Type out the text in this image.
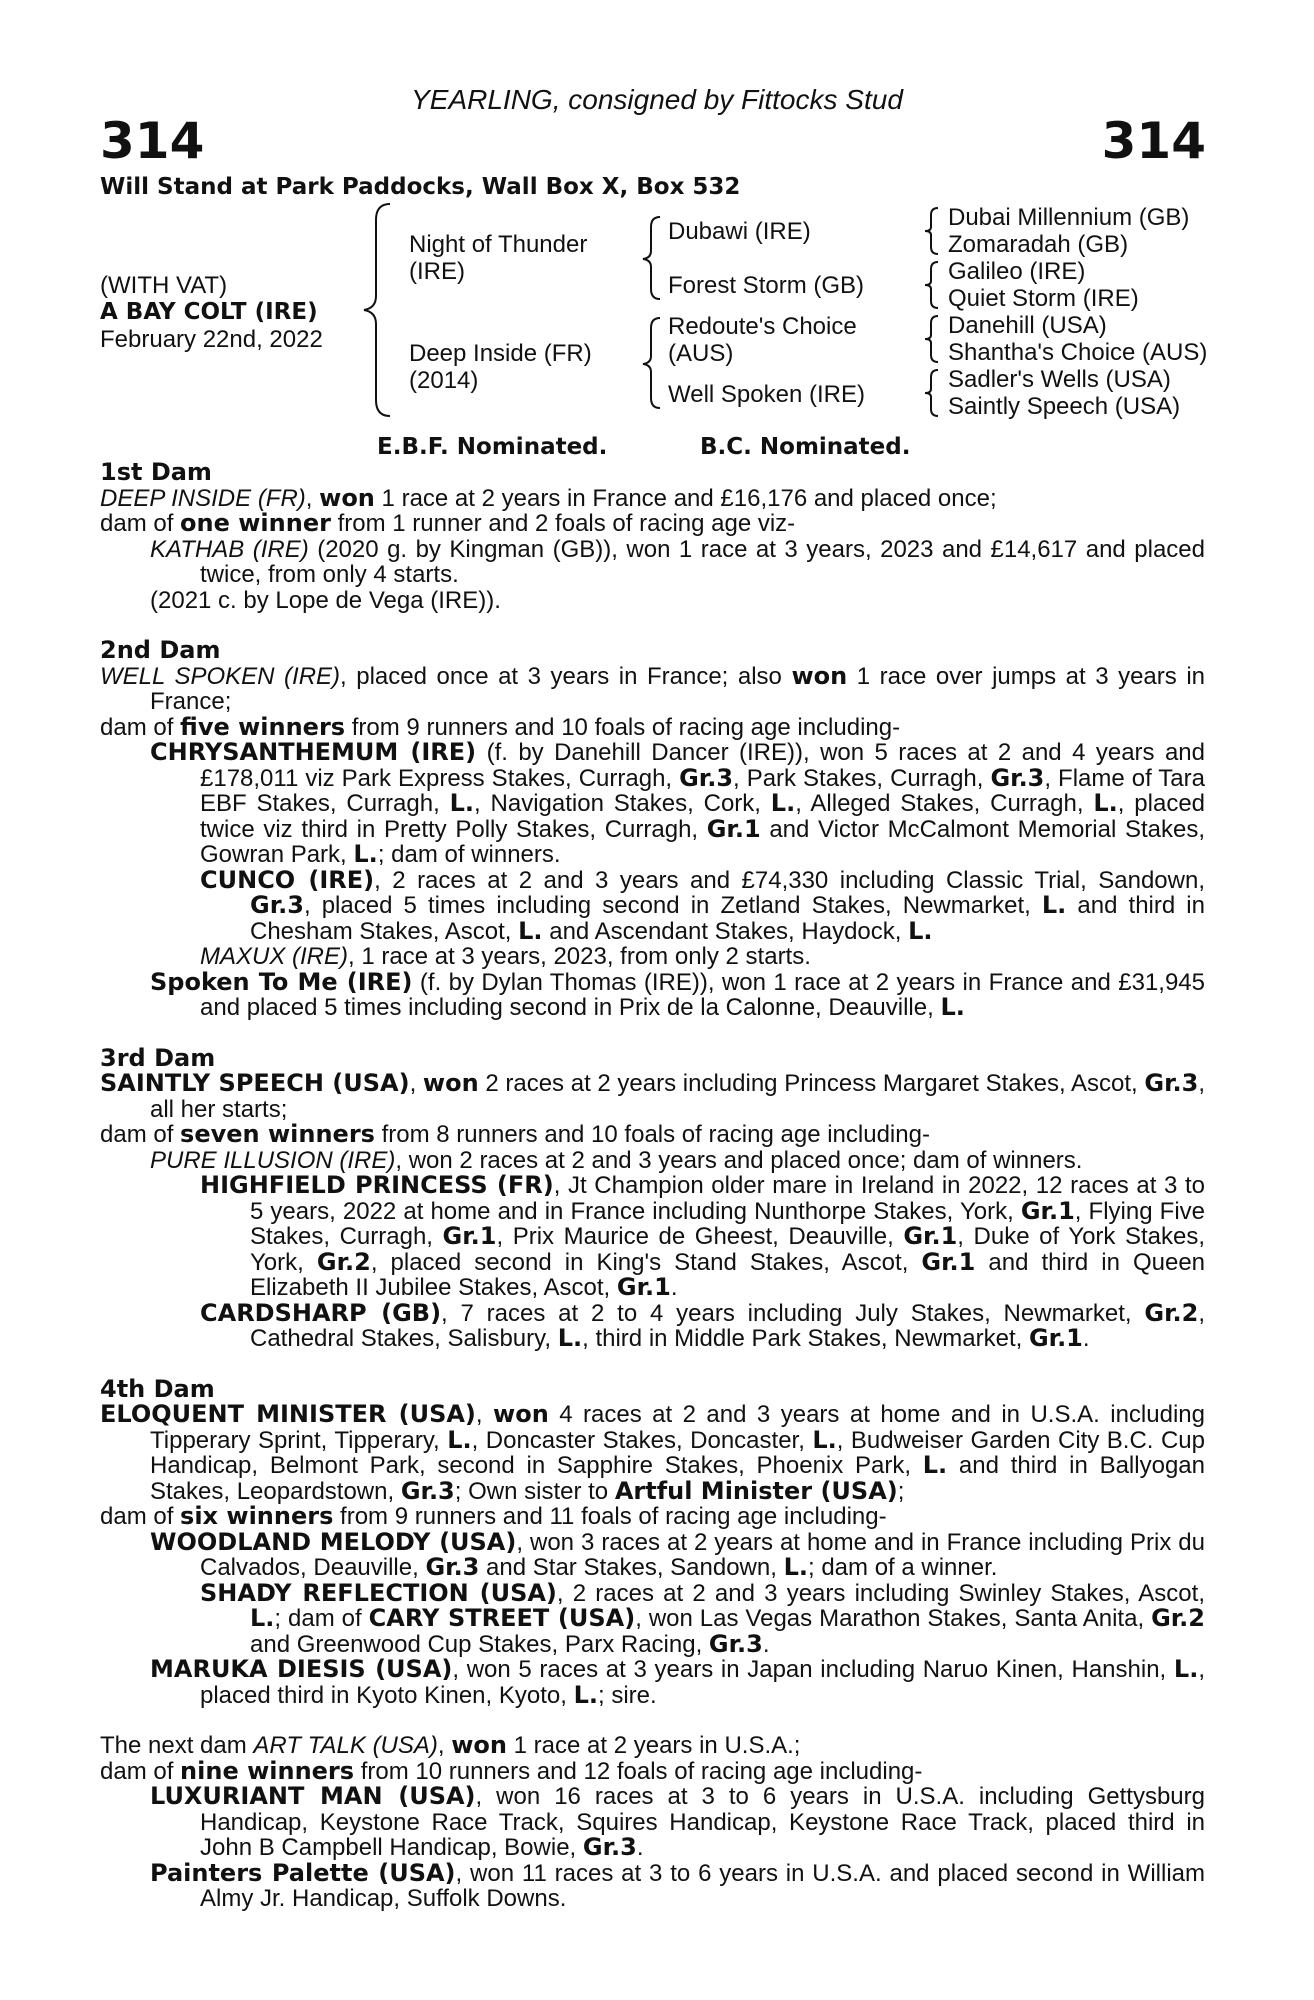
YEARLING, consigned by Fittocks Stud
314	314
Will Stand at Park Paddocks, Wall Box X, Box 532
(WITH VAT)
A BAY COLT (IRE)
February 22nd, 2022
Night of Thunder
(IRE)
Deep Inside (FR)
(2014)
Dubawi (IRE)
Forest Storm (GB)
Redoute's Choice
(AUS)
Well Spoken (IRE)
Dubai Millennium (GB)
Zomaradah (GB)
Galileo (IRE)
Quiet Storm (IRE)
Danehill (USA)
Shantha's Choice (AUS)
Sadler's Wells (USA)
Saintly Speech (USA)
E.B.F. Nominated.	B.C. Nominated.

1st Dam

DEEP INSIDE (FR), won 1 race at 2 years in France and £16,176 and placed once;

dam of one winner from 1 runner and 2 foals of racing age viz-

KATHAB (IRE) (2020 g. by Kingman (GB)), won 1 race at 3 years, 2023 and £14,617 and placed twice, from only 4 starts.

(2021 c. by Lope de Vega (IRE)).

2nd Dam

WELL SPOKEN (IRE), placed once at 3 years in France; also won 1 race over jumps at 3 years in France;

dam of five winners from 9 runners and 10 foals of racing age including-

CHRYSANTHEMUM (IRE) (f. by Danehill Dancer (IRE)), won 5 races at 2 and 4 years and £178,011 viz Park Express Stakes, Curragh, Gr.3, Park Stakes, Curragh, Gr.3, Flame of Tara EBF Stakes, Curragh, L., Navigation Stakes, Cork, L., Alleged Stakes, Curragh, L., placed twice viz third in Pretty Polly Stakes, Curragh, Gr.1 and Victor McCalmont Memorial Stakes, Gowran Park, L.; dam of winners.

CUNCO (IRE), 2 races at 2 and 3 years and £74,330 including Classic Trial, Sandown, Gr.3, placed 5 times including second in Zetland Stakes, Newmarket, L. and third in Chesham Stakes, Ascot, L. and Ascendant Stakes, Haydock, L.

MAXUX (IRE), 1 race at 3 years, 2023, from only 2 starts.

Spoken To Me (IRE) (f. by Dylan Thomas (IRE)), won 1 race at 2 years in France and £31,945 and placed 5 times including second in Prix de la Calonne, Deauville, L.

3rd Dam

SAINTLY SPEECH (USA), won 2 races at 2 years including Princess Margaret Stakes, Ascot, Gr.3, all her starts;

dam of seven winners from 8 runners and 10 foals of racing age including-

PURE ILLUSION (IRE), won 2 races at 2 and 3 years and placed once; dam of winners.

HIGHFIELD PRINCESS (FR), Jt Champion older mare in Ireland in 2022, 12 races at 3 to 5 years, 2022 at home and in France including Nunthorpe Stakes, York, Gr.1, Flying Five Stakes, Curragh, Gr.1, Prix Maurice de Gheest, Deauville, Gr.1, Duke of York Stakes, York, Gr.2, placed second in King's Stand Stakes, Ascot, Gr.1 and third in Queen Elizabeth II Jubilee Stakes, Ascot, Gr.1.

CARDSHARP (GB), 7 races at 2 to 4 years including July Stakes, Newmarket, Gr.2, Cathedral Stakes, Salisbury, L., third in Middle Park Stakes, Newmarket, Gr.1.

4th Dam

ELOQUENT MINISTER (USA), won 4 races at 2 and 3 years at home and in U.S.A. including Tipperary Sprint, Tipperary, L., Doncaster Stakes, Doncaster, L., Budweiser Garden City B.C. Cup Handicap, Belmont Park, second in Sapphire Stakes, Phoenix Park, L. and third in Ballyogan Stakes, Leopardstown, Gr.3; Own sister to Artful Minister (USA);

dam of six winners from 9 runners and 11 foals of racing age including-

WOODLAND MELODY (USA), won 3 races at 2 years at home and in France including Prix du Calvados, Deauville, Gr.3 and Star Stakes, Sandown, L.; dam of a winner.

SHADY REFLECTION (USA), 2 races at 2 and 3 years including Swinley Stakes, Ascot, L.; dam of CARY STREET (USA), won Las Vegas Marathon Stakes, Santa Anita, Gr.2 and Greenwood Cup Stakes, Parx Racing, Gr.3.

MARUKA DIESIS (USA), won 5 races at 3 years in Japan including Naruo Kinen, Hanshin, L., placed third in Kyoto Kinen, Kyoto, L.; sire.

The next dam ART TALK (USA), won 1 race at 2 years in U.S.A.;

dam of nine winners from 10 runners and 12 foals of racing age including-

LUXURIANT MAN (USA), won 16 races at 3 to 6 years in U.S.A. including Gettysburg Handicap, Keystone Race Track, Squires Handicap, Keystone Race Track, placed third in John B Campbell Handicap, Bowie, Gr.3.

Painters Palette (USA), won 11 races at 3 to 6 years in U.S.A. and placed second in William Almy Jr. Handicap, Suffolk Downs.
